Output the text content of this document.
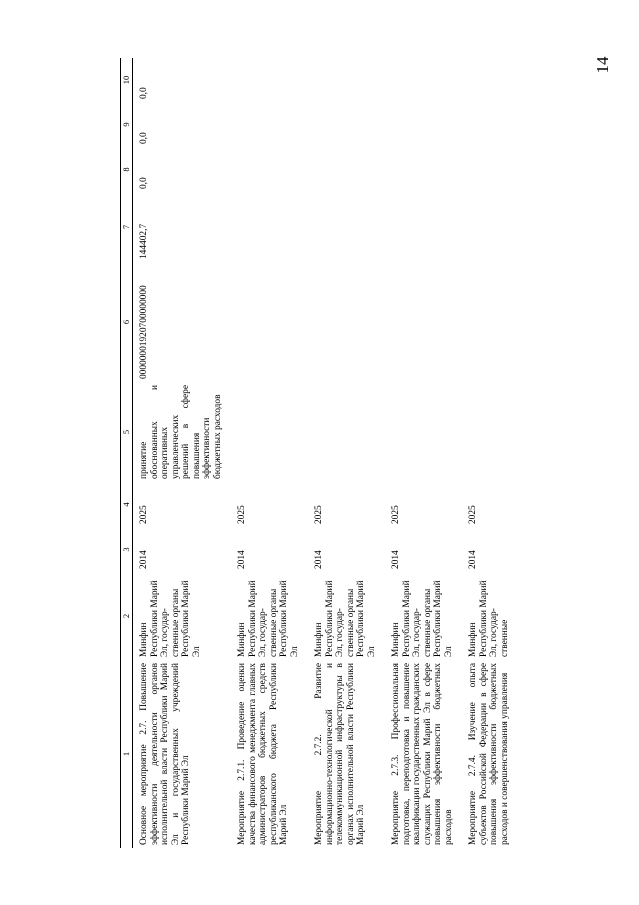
14
1	2	3	4	5	6	7	8	9	10
Основное мероприятие 2.7. Повышение эффективности деятельности органов исполнительной власти Республики Марий Эл и государственных учреждений Республики Марий Эл	Минфин Республики Марий Эл, государ-ственные органы Республики Марий Эл	2014	2025	принятие обоснованных и оперативных управленческих решений в сфере повышения эффективности бюджетных расходов	00000001920700000000	144402,7	0,0	0,0	0,0
Мероприятие 2.7.1. Проведение оценки качества финансового менеджмента главных администраторов бюджетных средств республиканского бюджета Республики Марий Эл	Минфин Республики Марий Эл, государ-ственные органы Республики Марий Эл	2014	2025						
Мероприятие 2.7.2. Развитие информационно-технологической и телекоммуникационной инфраструктуры в органах исполнительной власти Республики Марий Эл	Минфин Республики Марий Эл, государ-ственные органы Республики Марий Эл	2014	2025						
Мероприятие 2.7.3. Профессиональная подготовка, переподготовка и повышение квалификации государственных гражданских служащих Республики Марий Эл в сфере повышения эффективности бюджетных расходов	Минфин Республики Марий Эл, государ-ственные органы Республики Марий Эл	2014	2025						
Мероприятие 2.7.4. Изучение опыта субъектов Российской Федерации в сфере повышения эффективности бюджетных расходов и совершенствования управления	Минфин Республики Марий Эл, государ-ственные	2014	2025						
